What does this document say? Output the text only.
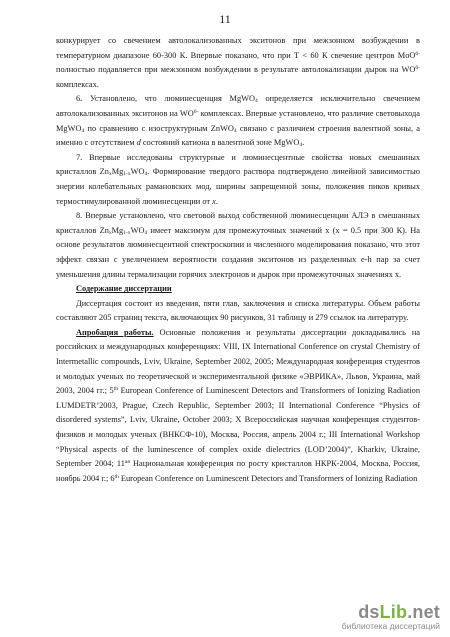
11

конкурирует со свечением автолокализованных экситонов при межзонном возбуждении в температурном диапазоне 60-300 К. Впервые показано, что при Т < 60 К свечение центров MoO$^{6-}$ полностью подавляется при межзонном возбуждении в результате автолокализации дырок на $WO^{6-}$ комплексах.

6. Установлено, что люминесценция MgWO$_4$ определяется исключительно свечением автолокализованных экситонов на $WO^{6-}$ комплексах. Впервые установлено, что различие световыхода MgWO$_4$ по сравнению с изоструктурным ZnWO$_4$ связано с различием строения валентной зоны, а именно с отсутствием d состояний катиона в валентной зоне MgWO$_4$.

7. Впервые исследованы структурные и люминесцентные свойства новых смешанных кристаллов $Zn_xMg_{1-x}WO_4$. Формирование твердого раствора подтверждено линейной зависимостью энергии колебательных рамановских мод, ширины запрещенной зоны, положения пиков кривых термостимулированной люминесценции от x.

8. Впервые установлено, что световой выход собственной люминесценции АЛЭ в смешанных кристаллов $Zn_xMg_{1-x}WO_4$ имеет максимум для промежуточных значений x (x = 0.5 при 300 К). На основе результатов люминесцентной спектроскопии и численного моделирования показано, что этот эффект связан с увеличением вероятности создания экситонов из разделенных e-h пар за счет уменьшения длины термализации горячих электронов и дырок при промежуточных значениях x.

Содержание диссертации

Диссертация состоит из введения, пяти глав, заключения и списка литературы. Объем работы составляют 205 страниц текста, включающих 90 рисунков, 31 таблицу и 279 ссылок на литературу.

Апробация работы. Основные положения и результаты диссертации докладывались на российских и международных конференциях: VIII, IX International Conference on crystal Chemistry of Intermetallic compounds, Lviv, Ukraine, September 2002, 2005; Международная конференция студентов и молодых ученых по теоретической и экспериментальной физике «ЭВРИКА», Львов, Украина, май 2003, 2004 гг.; 5th European Conference of Luminescent Detectors and Transformers of Ionizing Radiation LUMDETR’2003, Prague, Czech Republic, September 2003; II International Conference “Physics of disordered systems”, Lviv, Ukraine, October 2003; X Всероссийская научная конференция студентов-физиков и молодых ученых (ВНКСФ-10), Москва, Россия, апрель 2004 г.; III International Workshop “Physical aspects of the luminescence of complex oxide dielectrics (LOD’2004)”, Kharkiv, Ukraine, September 2004; $11^{ая}$ Национальная конференция по росту кристаллов НКРК-2004, Москва, Россия, ноябрь 2004 г.; 6th European Conference on Luminescent Detectors and Transformers of Ionizing Radiation

dsLib.net
библиотека диссертаций
